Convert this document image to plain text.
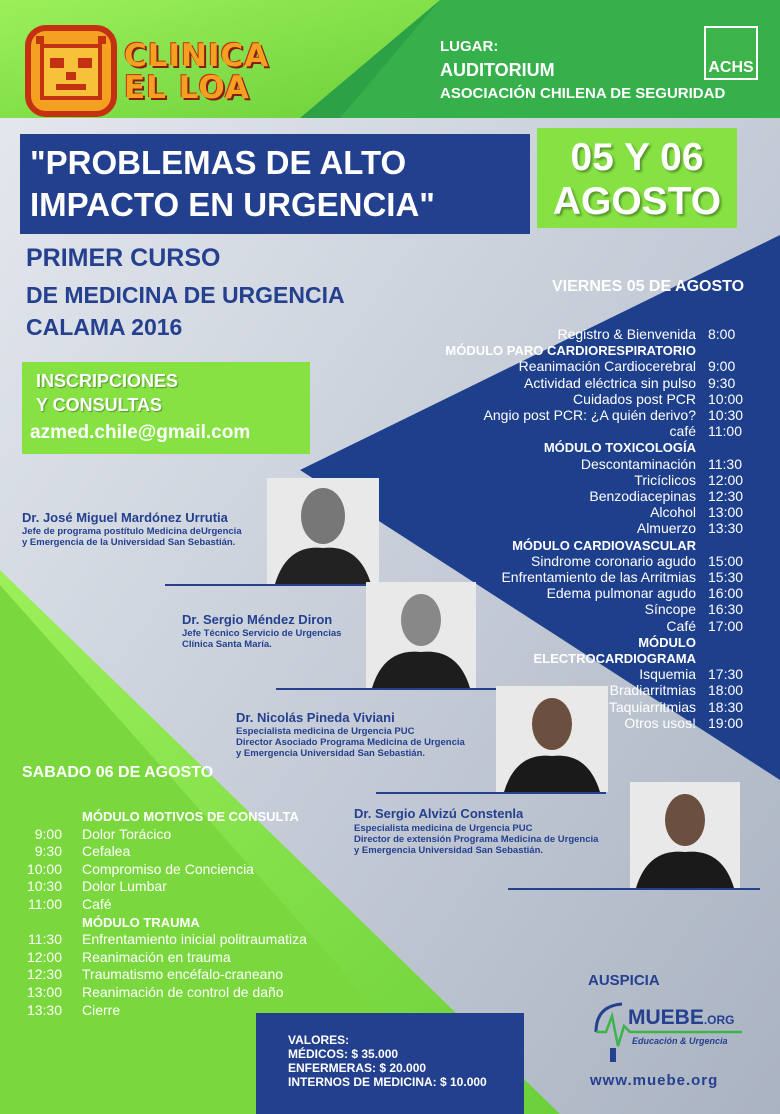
CLINICA
EL LOA
LUGAR:
AUDITORIUM
ASOCIACIÓN CHILENA DE SEGURIDAD
ACHS
"PROBLEMAS DE ALTO
IMPACTO EN URGENCIA"
05 Y 06
AGOSTO
PRIMER CURSO
DE MEDICINA DE URGENCIA
CALAMA 2016
INSCRIPCIONES
Y CONSULTAS
azmed.chile@gmail.com
VIERNES 05 DE AGOSTO
Registro & Bienvenida 8:00
MÓDULO PARO CARDIORESPIRATORIO
Reanimación Cardiocerebral 9:00
Actividad eléctrica sin pulso 9:30
Cuidados post PCR 10:00
Angio post PCR: ¿A quién derivo? 10:30
café 11:00
MÓDULO TOXICOLOGÍA
Descontaminación 11:30
Tricíclicos 12:00
Benzodiacepinas 12:30
Alcohol 13:00
Almuerzo 13:30
MÓDULO CARDIOVASCULAR
Sindrome coronario agudo 15:00
Enfrentamiento de las Arritmias 15:30
Edema pulmonar agudo 16:00
Síncope 16:30
Café 17:00
MÓDULO
ELECTROCARDIOGRAMA
Isquemia 17:30
Bradiarritmias 18:00
Taquiarritmias 18:30
Otros usos! 19:00
SABADO 06 DE AGOSTO
MÓDULO MOTIVOS DE CONSULTA
9:00 Dolor Torácico
9:30 Cefalea
10:00 Compromiso de Conciencia
10:30 Dolor Lumbar
11:00 Café
MÓDULO TRAUMA
11:30 Enfrentamiento inicial politraumatiza
12:00 Reanimación en trauma
12:30 Traumatismo encéfalo-craneano
13:00 Reanimación de control de daño
13:30 Cierre
Dr. José Miguel Mardónez Urrutia
Jefe de programa postítulo Medicina deUrgencia
y Emergencia de la Universidad San Sebastián.
Dr. Sergio Méndez Diron
Jefe Técnico Servicio de Urgencias
Clínica Santa María.
Dr. Nicolás Pineda Viviani
Especialista medicina de Urgencia PUC
Director Asociado Programa Medicina de Urgencia
y Emergencia Universidad San Sebastián.
Dr. Sergio Alvizú Constenla
Especialista medicina de Urgencia PUC
Director de extensión Programa Medicina de Urgencia
y Emergencia Universidad San Sebastián.
VALORES:
MÉDICOS: $ 35.000
ENFERMERAS: $ 20.000
INTERNOS DE MEDICINA: $ 10.000
AUSPICIA
MUEBE.ORG
Educación & Urgencia
www.muebe.org
